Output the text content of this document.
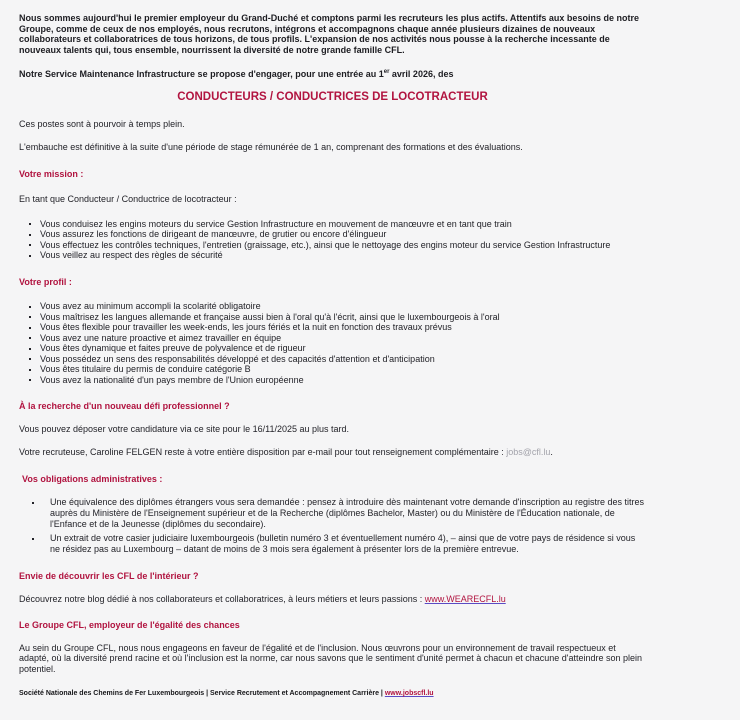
Nous sommes aujourd'hui le premier employeur du Grand-Duché et comptons parmi les recruteurs les plus actifs. Attentifs aux besoins de notre Groupe, comme de ceux de nos employés, nous recrutons, intégrons et accompagnons chaque année plusieurs dizaines de nouveaux collaborateurs et collaboratrices de tous horizons, de tous profils. L'expansion de nos activités nous pousse à la recherche incessante de nouveaux talents qui, tous ensemble, nourrissent la diversité de notre grande famille CFL.

Notre Service Maintenance Infrastructure se propose d'engager, pour une entrée au 1er avril 2026, des

CONDUCTEURS / CONDUCTRICES DE LOCOTRACTEUR

Ces postes sont à pourvoir à temps plein.

L'embauche est définitive à la suite d'une période de stage rémunérée de 1 an, comprenant des formations et des évaluations.

Votre mission :

En tant que Conducteur / Conductrice de locotracteur :

Vous conduisez les engins moteurs du service Gestion Infrastructure en mouvement de manœuvre et en tant que train
Vous assurez les fonctions de dirigeant de manœuvre, de grutier ou encore d'élingueur
Vous effectuez les contrôles techniques, l'entretien (graissage, etc.), ainsi que le nettoyage des engins moteur du service Gestion Infrastructure
Vous veillez au respect des règles de sécurité
Votre profil :
Vous avez au minimum accompli la scolarité obligatoire
Vous maîtrisez les langues allemande et française aussi bien à l'oral qu'à l'écrit, ainsi que le luxembourgeois à l'oral
Vous êtes flexible pour travailler les week-ends, les jours fériés et la nuit en fonction des travaux prévus
Vous avez une nature proactive et aimez travailler en équipe
Vous êtes dynamique et faites preuve de polyvalence et de rigueur
Vous possédez un sens des responsabilités développé et des capacités d'attention et d'anticipation
Vous êtes titulaire du permis de conduire catégorie B
Vous avez la nationalité d'un pays membre de l'Union européenne
À la recherche d'un nouveau défi professionnel ?

Vous pouvez déposer votre candidature via ce site pour le 16/11/2025 au plus tard.

Votre recruteuse, Caroline FELGEN reste à votre entière disposition par e-mail pour tout renseignement complémentaire : jobs@cfl.lu.

Vos obligations administratives :
Une équivalence des diplômes étrangers vous sera demandée : pensez à introduire dès maintenant votre demande d'inscription au registre des titres auprès du Ministère de l'Enseignement supérieur et de la Recherche (diplômes Bachelor, Master) ou du Ministère de l'Éducation nationale, de l'Enfance et de la Jeunesse (diplômes du secondaire).
Un extrait de votre casier judiciaire luxembourgeois (bulletin numéro 3 et éventuellement numéro 4), – ainsi que de votre pays de résidence si vous ne résidez pas au Luxembourg – datant de moins de 3 mois sera également à présenter lors de la première entrevue.
Envie de découvrir les CFL de l'intérieur ?

Découvrez notre blog dédié à nos collaborateurs et collaboratrices, à leurs métiers et leurs passions : www.WEARECFL.lu

Le Groupe CFL, employeur de l'égalité des chances

Au sein du Groupe CFL, nous nous engageons en faveur de l'égalité et de l'inclusion. Nous œuvrons pour un environnement de travail respectueux et adapté, où la diversité prend racine et où l'inclusion est la norme, car nous savons que le sentiment d'unité permet à chacun et chacune d'atteindre son plein potentiel.

Société Nationale des Chemins de Fer Luxembourgeois | Service Recrutement et Accompagnement Carrière | www.jobscfl.lu
